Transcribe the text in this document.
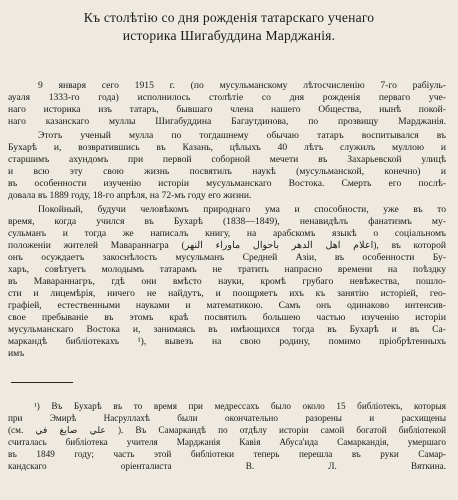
Къ столѣтію со дня рожденія татарскаго ученаго
историка Шигабуддина Марджанія.

9 января сего 1915 г. (по мусульманскому лѣтосчисленію 7-го рабіуль-

ауаля 1333-го года) исполнилось столѣтіе со дня рожденія перваго уче-

наго историка изъ татаръ, бывшаго члена нашего Общества, нынѣ покой-

наго казанскаго муллы Шигабуддина Багаутдинова, по прозвищу Марджанія.

Этотъ ученый мулла по тогдашнему обычаю татаръ воспитывался въ

Бухарѣ и, возвратившись въ Казань, цѣлыхъ 40 лѣтъ служилъ муллою и

старшимъ ахундомъ при первой соборной мечети въ Захарьевской улицѣ

и всю эту свою жизнь посвятилъ наукѣ (мусульманской, конечно) и

въ особенности изученію исторіи мусульманскаго Востока. Смерть его послѣ-

довала въ 1889 году, 18-го апрѣля, на 72-мъ году его жизни.

Покойный, будучи человѣкомъ природнаго ума и способности, уже въ то

время, когда учился въ Бухарѣ (1838—1849), ненавидѣлъ фанатизмъ му-

сульманъ и тогда же написалъ книгу, на арабскомъ языкѣ о соціальномъ

положеніи жителей Мавараннагра (اعلام اهل الدهر باحوال ماوراء النهر), въ которой

онъ осуждаетъ закоснѣлость мусульманъ Средней Азіи, въ особенности Бу-

харъ, совѣтуетъ молодымъ татарамъ не тратить напрасно времени на поѣздку

въ Мавараннагръ, гдѣ они вмѣсто науки, кромѣ грубаго невѣжества, пошло-

сти и лицемѣрія, ничего не найдутъ, и поощряетъ ихъ къ занятію исторіей, гео-

графіей, естественными науками и математикою. Самъ онъ одинаково интенсив-

свое пребываніе въ этомъ краѣ посвятилъ большею частью изученію исторіи

мусульманскаго Востока и, занимаясь въ имѣющихся тогда въ Бухарѣ и въ Са-

маркандѣ библіотекахъ ¹), вывезъ на свою родину, помимо пріобрѣтенныхъ

имъ

¹) Въ Бухарѣ въ то время при медрессахъ было около 15 библіотекъ, которыя

при Эмирѣ Насруллахѣ были окончательно разорены и расхищены

(см. علي صايغ في ). Въ Самаркандѣ по отдѣлу исторіи самой богатой библіотекой

считалась библіотека учителя Марджанія Кавія Абуса'ида Самаркандія, умершаго

въ 1849 году; часть этой библіотеки теперь перешла въ руки Самар-

кандскаго оріенталиста В. Л. Вяткина.
